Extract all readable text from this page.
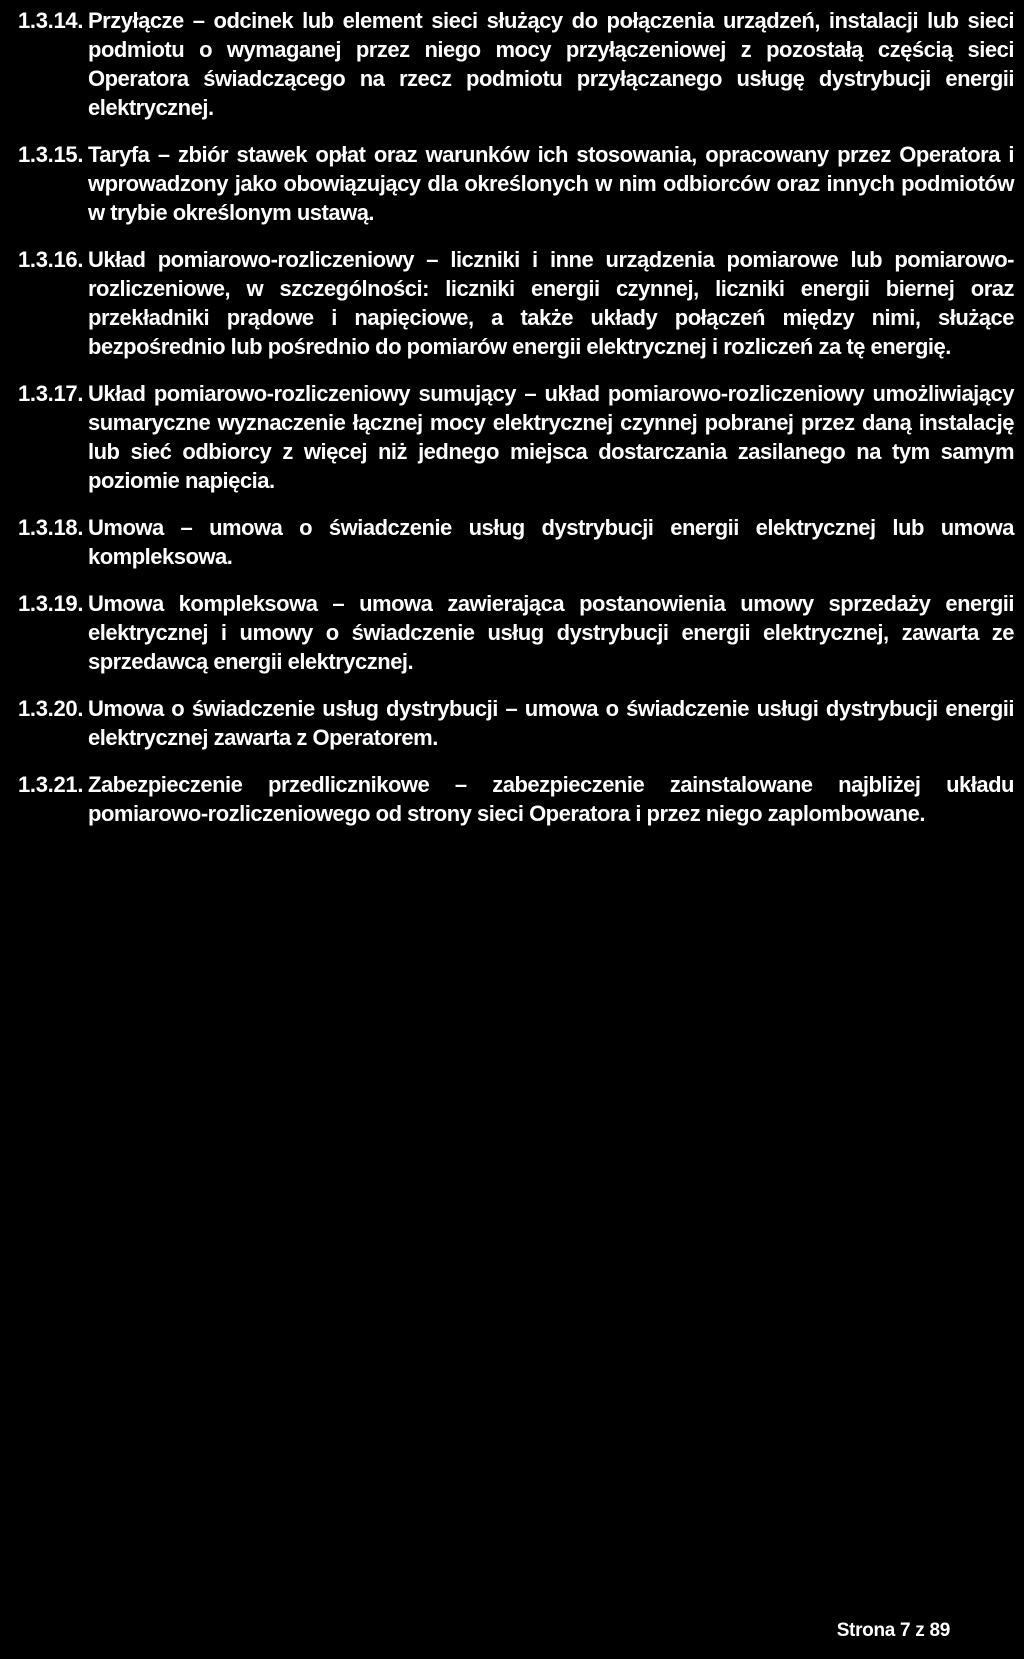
1.3.14. Przyłącze – odcinek lub element sieci służący do połączenia urządzeń, instalacji lub sieci podmiotu o wymaganej przez niego mocy przyłączeniowej z pozostałą częścią sieci Operatora świadczącego na rzecz podmiotu przyłączanego usługę dystrybucji energii elektrycznej.
1.3.15. Taryfa – zbiór stawek opłat oraz warunków ich stosowania, opracowany przez Operatora i wprowadzony jako obowiązujący dla określonych w nim odbiorców oraz innych podmiotów w trybie określonym ustawą.
1.3.16. Układ pomiarowo-rozliczeniowy – liczniki i inne urządzenia pomiarowe lub pomiarowo-rozliczeniowe, w szczególności: liczniki energii czynnej, liczniki energii biernej oraz przekładniki prądowe i napięciowe, a także układy połączeń między nimi, służące bezpośrednio lub pośrednio do pomiarów energii elektrycznej i rozliczeń za tę energię.
1.3.17. Układ pomiarowo-rozliczeniowy sumujący – układ pomiarowo-rozliczeniowy umożliwiający sumaryczne wyznaczenie łącznej mocy elektrycznej czynnej pobranej przez daną instalację lub sieć odbiorcy z więcej niż jednego miejsca dostarczania zasilanego na tym samym poziomie napięcia.
1.3.18. Umowa – umowa o świadczenie usług dystrybucji energii elektrycznej lub umowa kompleksowa.
1.3.19. Umowa kompleksowa – umowa zawierająca postanowienia umowy sprzedaży energii elektrycznej i umowy o świadczenie usług dystrybucji energii elektrycznej, zawarta ze sprzedawcą energii elektrycznej.
1.3.20. Umowa o świadczenie usług dystrybucji – umowa o świadczenie usługi dystrybucji energii elektrycznej zawarta z Operatorem.
1.3.21. Zabezpieczenie przedlicznikowe – zabezpieczenie zainstalowane najbliżej układu pomiarowo-rozliczeniowego od strony sieci Operatora i przez niego zaplombowane.
Strona 7 z 89
